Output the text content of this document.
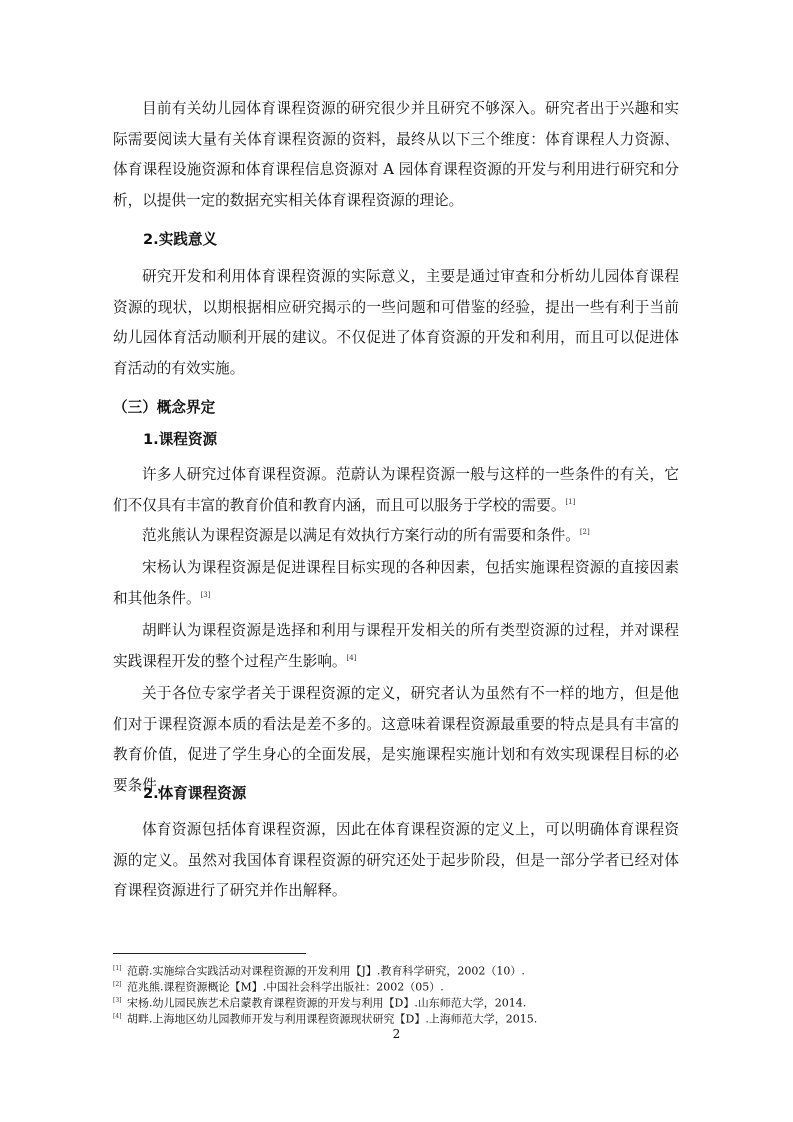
目前有关幼儿园体育课程资源的研究很少并且研究不够深入。研究者出于兴趣和实际需要阅读大量有关体育课程资源的资料，最终从以下三个维度：体育课程人力资源、体育课程设施资源和体育课程信息资源对 A 园体育课程资源的开发与利用进行研究和分析，以提供一定的数据充实相关体育课程资源的理论。

2.实践意义

研究开发和利用体育课程资源的实际意义，主要是通过审查和分析幼儿园体育课程资源的现状，以期根据相应研究揭示的一些问题和可借鉴的经验，提出一些有利于当前幼儿园体育活动顺利开展的建议。不仅促进了体育资源的开发和利用，而且可以促进体育活动的有效实施。

（三）概念界定

1.课程资源

许多人研究过体育课程资源。范蔚认为课程资源一般与这样的一些条件的有关，它们不仅具有丰富的教育价值和教育内涵，而且可以服务于学校的需要。[1]

范兆熊认为课程资源是以满足有效执行方案行动的所有需要和条件。[2]

宋杨认为课程资源是促进课程目标实现的各种因素，包括实施课程资源的直接因素和其他条件。[3]

胡畔认为课程资源是选择和利用与课程开发相关的所有类型资源的过程，并对课程实践课程开发的整个过程产生影响。[4]

关于各位专家学者关于课程资源的定义，研究者认为虽然有不一样的地方，但是他们对于课程资源本质的看法是差不多的。这意味着课程资源最重要的特点是具有丰富的教育价值，促进了学生身心的全面发展，是实施课程实施计划和有效实现课程目标的必要条件，

2.体育课程资源

体育资源包括体育课程资源，因此在体育课程资源的定义上，可以明确体育课程资源的定义。虽然对我国体育课程资源的研究还处于起步阶段，但是一部分学者已经对体育课程资源进行了研究并作出解释。

[1] 范蔚.实施综合实践活动对课程资源的开发利用【J】.教育科学研究，2002（10）.

[2] 范兆熊.课程资源概论【M】.中国社会科学出版社：2002（05）.

[3] 宋杨.幼儿园民族艺术启蒙教育课程资源的开发与利用【D】.山东师范大学，2014.

[4] 胡畔.上海地区幼儿园教师开发与利用课程资源现状研究【D】.上海师范大学，2015.

2
